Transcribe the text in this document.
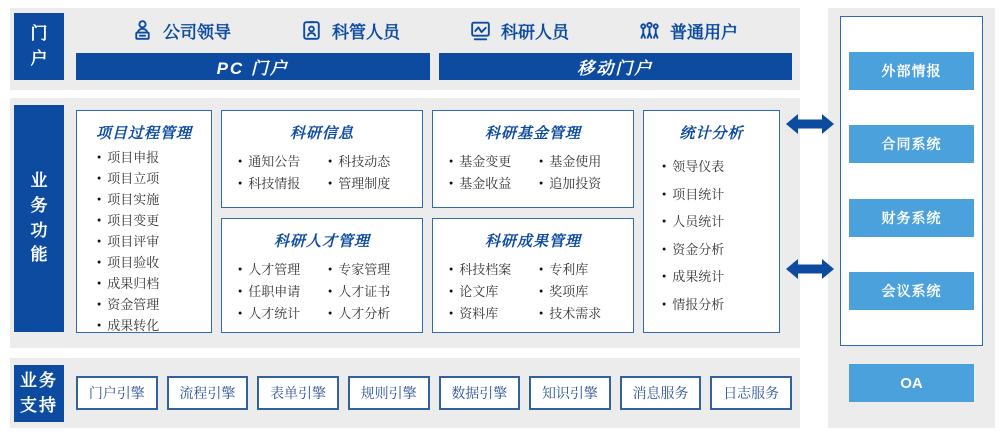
门户
公司领导	科管人员	科研人员	普通用户
PC 门户	移动门户
业务功能
项目过程管理
● 项目申报
● 项目立项
● 项目实施
● 项目变更
● 项目评审
● 项目验收
● 成果归档
● 资金管理
● 成果转化
科研信息
● 通知公告	● 科技动态
● 科技情报	● 管理制度
科研基金管理
● 基金变更	● 基金使用
● 基金收益	● 追加投资
科研人才管理
● 人才管理	● 专家管理
● 任职申请	● 人才证书
● 人才统计	● 人才分析
科研成果管理
● 科技档案	● 专利库
● 论文库	● 奖项库
● 资料库	● 技术需求
统计分析
● 领导仪表
● 项目统计
● 人员统计
● 资金分析
● 成果统计
● 情报分析
业务支持
门户引擎	流程引擎	表单引擎	规则引擎	数据引擎	知识引擎	消息服务	日志服务
外部情报
合同系统
财务系统
会议系统
OA
